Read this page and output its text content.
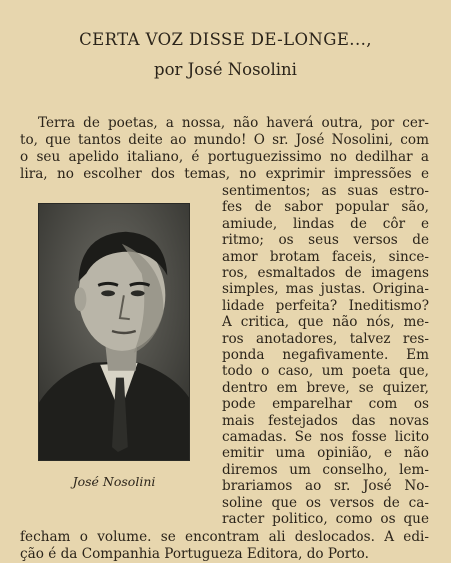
CERTA VOZ DISSE DE-LONGE...,
por José Nosolini
Terra de poetas, a nossa, não haverá outra, por cer-
to, que tantos deite ao mundo! O sr. José Nosolini, com
o seu apelido italiano, é portuguezissimo no dedilhar a
lira, no escolher dos temas, no exprimir impressões e
sentimentos; as suas estro-
fes de sabor popular são,
amiude, lindas de côr e
ritmo; os seus versos de
amor brotam faceis, since-
ros, esmaltados de imagens
simples, mas justas. Origina-
lidade perfeita? Ineditismo?
A critica, que não nós, me-
ros anotadores, talvez res-
ponda negafivamente. Em
todo o caso, um poeta que,
dentro em breve, se quizer,
pode emparelhar com os
mais festejados das novas
camadas. Se nos fosse licito
emitir uma opinião, e não
diremos um conselho, lem-
brariamos ao sr. José No-
soline que os versos de ca-
racter politico, como os que
fecham o volume. se encontram ali deslocados. A edi-
José Nosolini
ção é da Companhia Portugueza Editora, do Porto.
